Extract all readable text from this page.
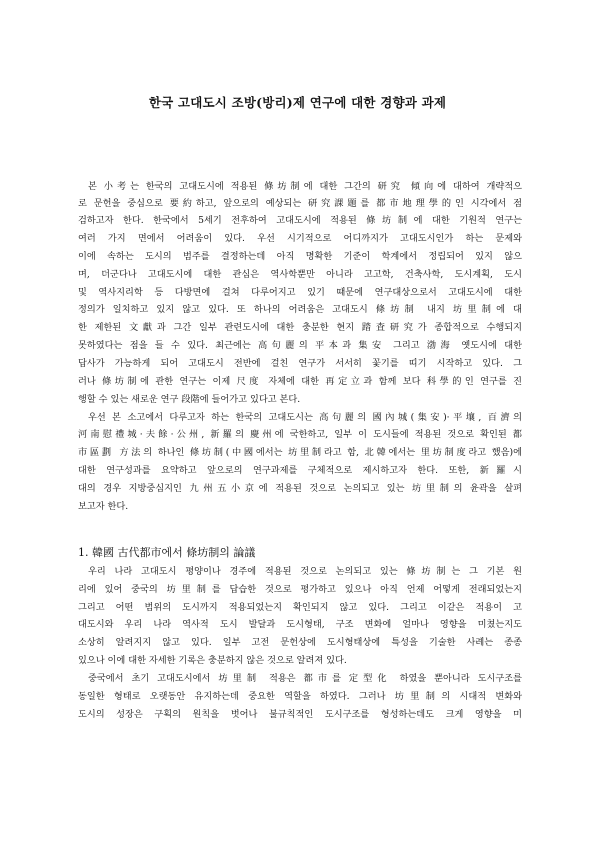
한국 고대도시 조방(방리)제 연구에 대한 경향과 과제
본 小考는 한국의 고대도시에 적용된 條坊制에 대한 그간의 研究 傾向에 대하여 개략적으
로 문헌을 중심으로 要約하고, 앞으로의 예상되는 研究課題를 都市地理學的인 시각에서 점
검하고자 한다. 한국에서 5세기 전후하여 고대도시에 적용된 條坊制에 대한 기원적 연구는
여러 가지 면에서 어려움이 있다. 우선 시기적으로 어디까지가 고대도시인가 하는 문제와
이에 속하는 도시의 범주를 결정하는데 아직 명확한 기준이 학계에서 정립되어 있지 않으
며, 더군다나 고대도시에 대한 관심은 역사학뿐만 아니라 고고학, 건축사학, 도시계획, 도시
및 역사지리학 등 다방면에 걸쳐 다루어지고 있기 때문에 연구대상으로서 고대도시에 대한
정의가 일치하고 있지 않고 있다. 또 하나의 어려움은 고대도시 條坊制 내지 坊里制에 대
한 제한된 文獻과 그간 일부 관련도시에 대한 충분한 현지 踏査研究가 종합적으로 수행되지
못하였다는 점을 들 수 있다. 최근에는 高句麗의 平本과 集安 그리고 渤海 옛도시에 대한
답사가 가능하게 되어 고대도시 전반에 걸친 연구가 서서히 꽃기를 띠기 시작하고 있다. 그
러나 條坊制에 관한 연구는 이제 尺度 자체에 대한 再定立과 함께 보다 科學的인 연구를 진
행할 수 있는 새로운 연구 段階에 들어가고 있다고 본다.
우선 본 소고에서 다루고자 하는 한국의 고대도시는 高句麗의 國內城(集安)·平壤, 百濟의
河南慰禮城·夫餘·公州, 新羅의 慶州에 국한하고, 일부 이 도시들에 적용된 것으로 확인된 都
市區劃 方法의 하나인 條坊制(中國에서는 坊里制라고 함, 北韓에서는 里坊制度라고 했음)에
대한 연구성과를 요약하고 앞으로의 연구과제를 구체적으로 제시하고자 한다. 또한, 新羅시
대의 경우 지방중심지인 九州五小京에 적용된 것으로 논의되고 있는 坊里制의 윤곽을 살펴
보고자 한다.
1. 韓國 古代都市에서 條坊制의 論議
우리 나라 고대도시 평양이나 경주에 적용된 것으로 논의되고 있는 條坊制는 그 기본 원
리에 있어 중국의 坊里制를 답습한 것으로 평가하고 있으나 아직 언제 어떻게 전래되었는지
그리고 어떤 범위의 도시까지 적용되었는지 확인되지 않고 있다. 그리고 이같은 적용이 고
대도시와 우리 나라 역사적 도시 발달과 도시형태, 구조 변화에 얼마나 영향을 미쳤는지도
소상히 알려지지 않고 있다. 일부 고전 문헌상에 도시형태상에 특성을 기술한 사례는 종종
있으나 이에 대한 자세한 기록은 충분하지 않은 것으로 알려져 있다.
중국에서 초기 고대도시에서 坊里制 적용은 都市를 定型化 하였을 뿐아니라 도시구조를
동일한 형태로 오랫동안 유지하는데 중요한 역할을 하였다. 그러나 坊里制의 시대적 변화와
도시의 성장은 구획의 원칙을 벗어나 불규칙적인 도시구조를 형성하는데도 크게 영향을 미
